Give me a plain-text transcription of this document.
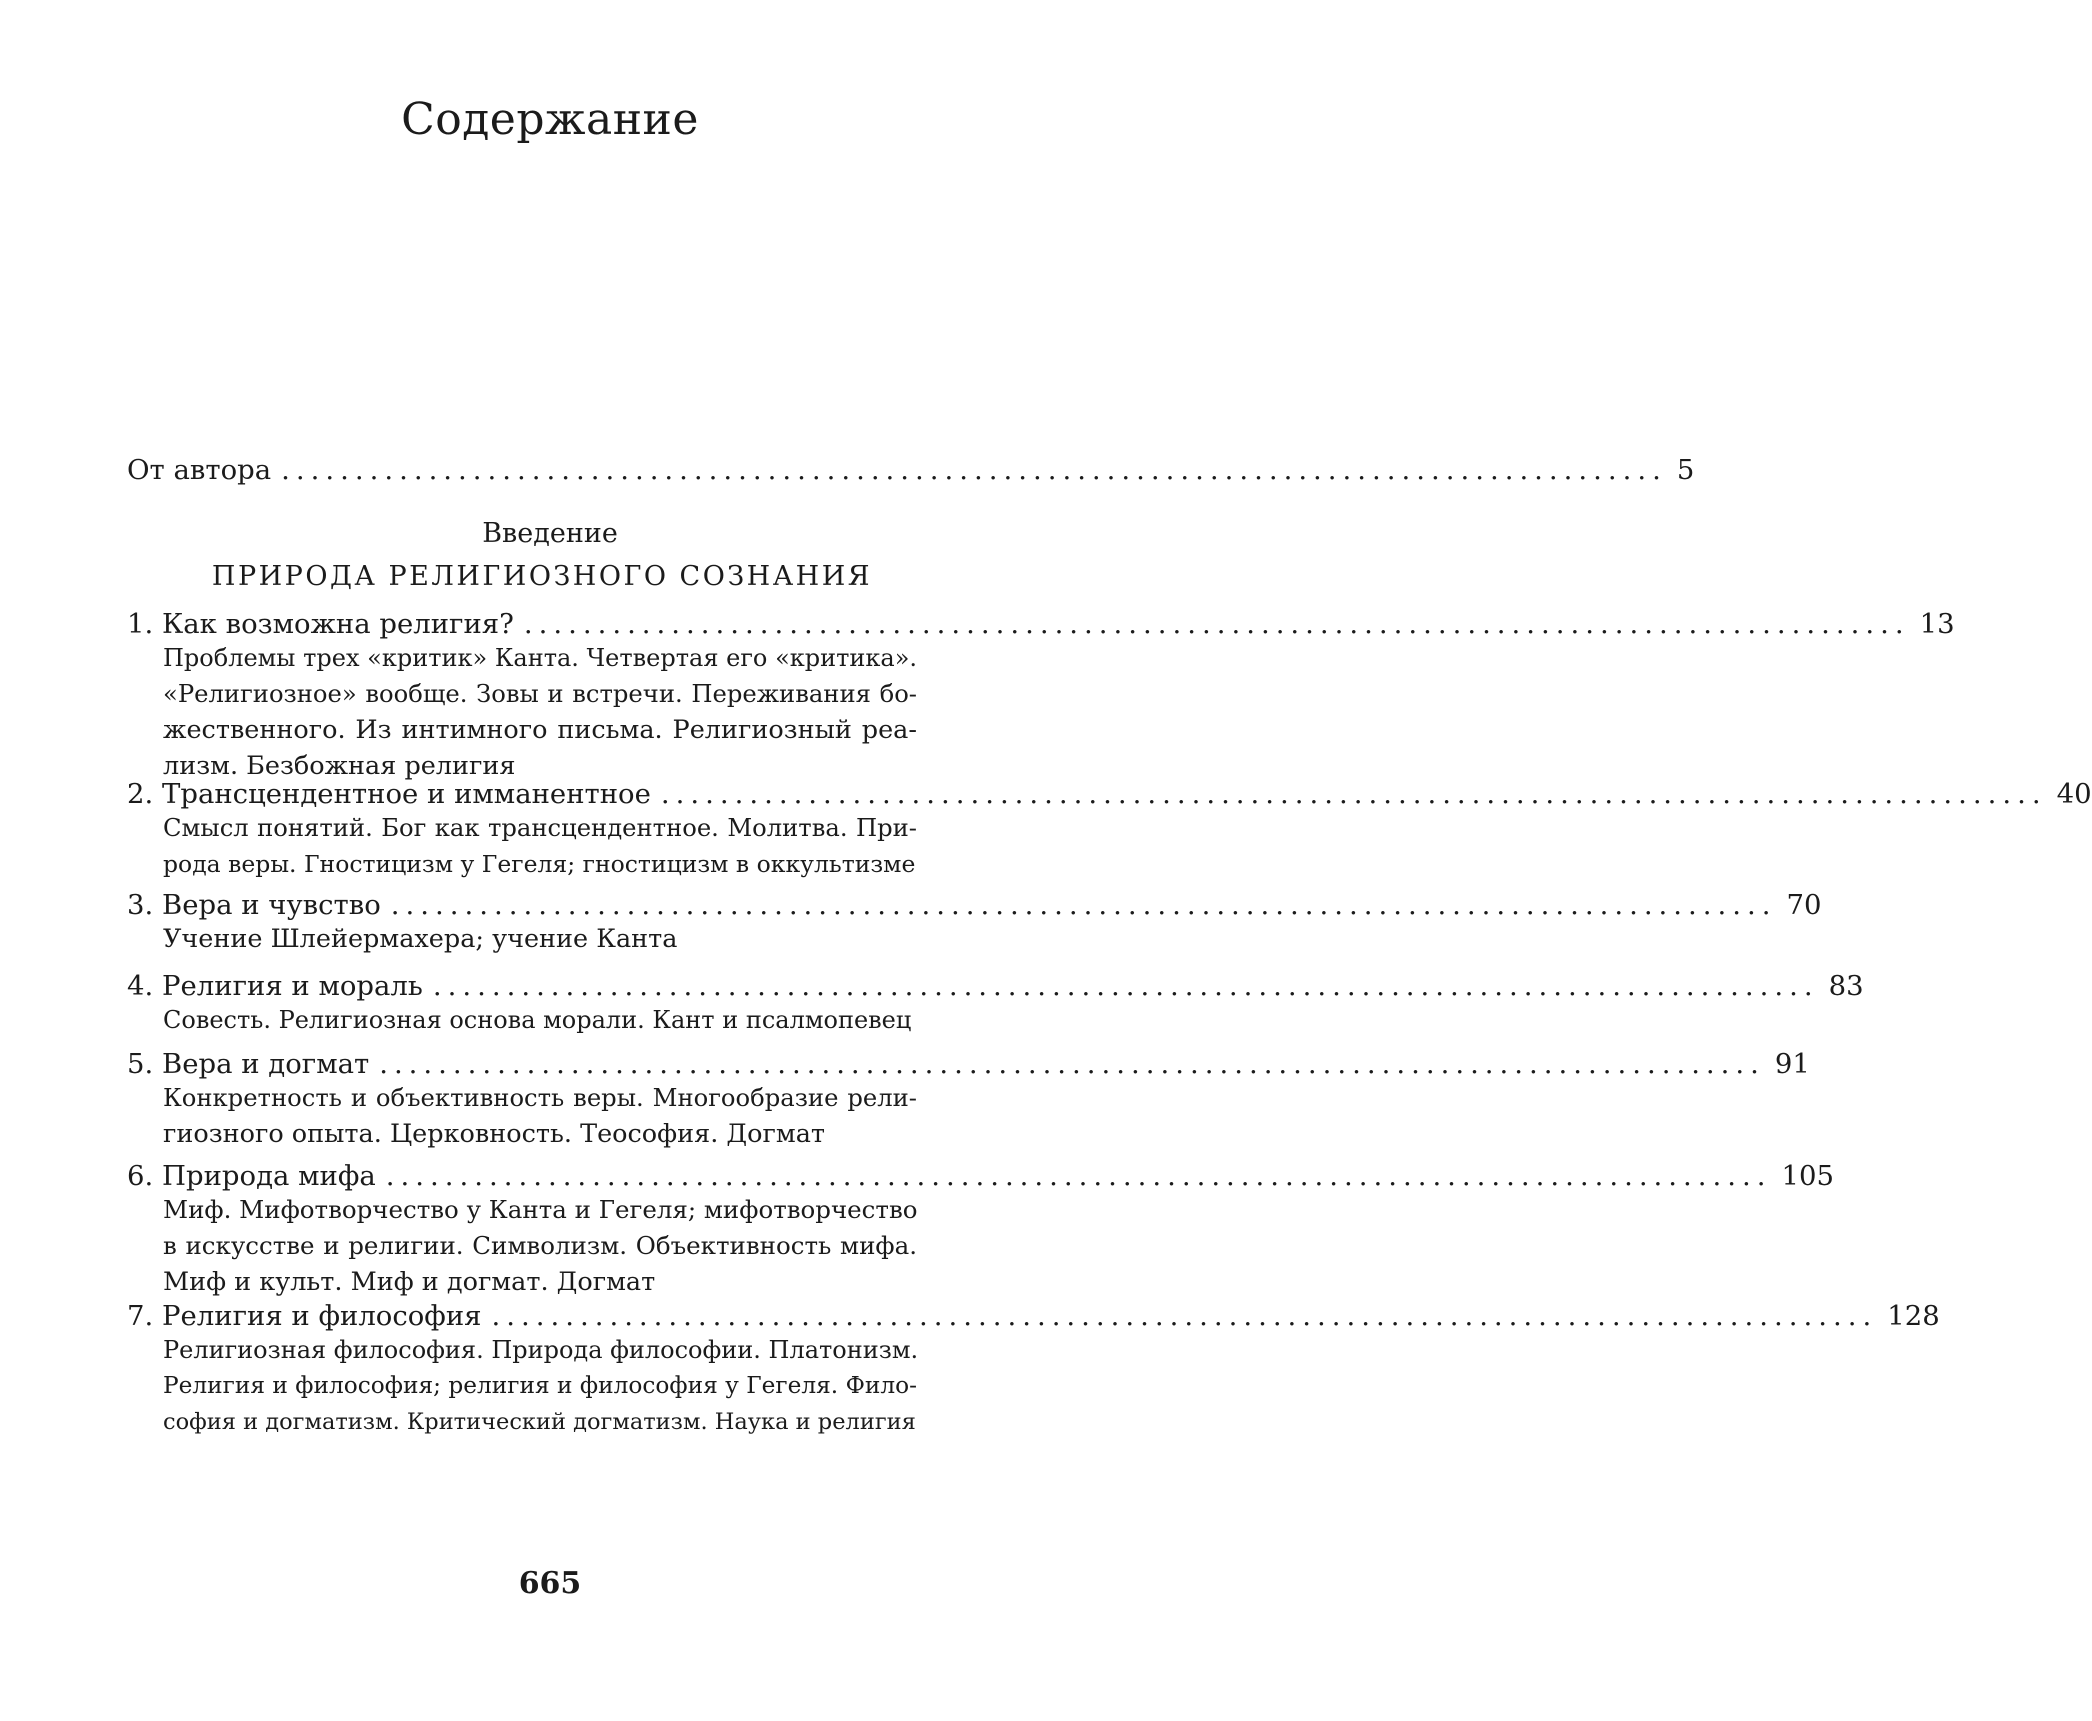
Содержание
От автора .............................................................................................. 5
Введение
ПРИРОДА РЕЛИГИОЗНОГО СОЗНАНИЯ
1.
Как возможна религия? .............................................................................................. 13
Проблемы трех «критик» Канта. Четвертая его «критика».
«Религиозное» вообще. Зовы и встречи. Переживания бо-
жественного. Из интимного письма. Религиозный реа-
лизм. Безбожная религия
2.
Трансцендентное и имманентное .............................................................................................. 40
Смысл понятий. Бог как трансцендентное. Молитва. При-
рода веры. Гностицизм у Гегеля; гностицизм в оккультизме
3.
Вера и чувство .............................................................................................. 70
Учение Шлейермахера; учение Канта
4.
Религия и мораль .............................................................................................. 83
Совесть. Религиозная основа морали. Кант и псалмопевец
5.
Вера и догмат .............................................................................................. 91
Конкретность и объективность веры. Многообразие рели-
гиозного опыта. Церковность. Теософия. Догмат
6.
Природа мифа .............................................................................................. 105
Миф. Мифотворчество у Канта и Гегеля; мифотворчество
в искусстве и религии. Символизм. Объективность мифа.
Миф и культ. Миф и догмат. Догмат
7.
Религия и философия .............................................................................................. 128
Религиозная философия. Природа философии. Платонизм.
Религия и философия; религия и философия у Гегеля. Фило-
софия и догматизм. Критический догматизм. Наука и религия
665
